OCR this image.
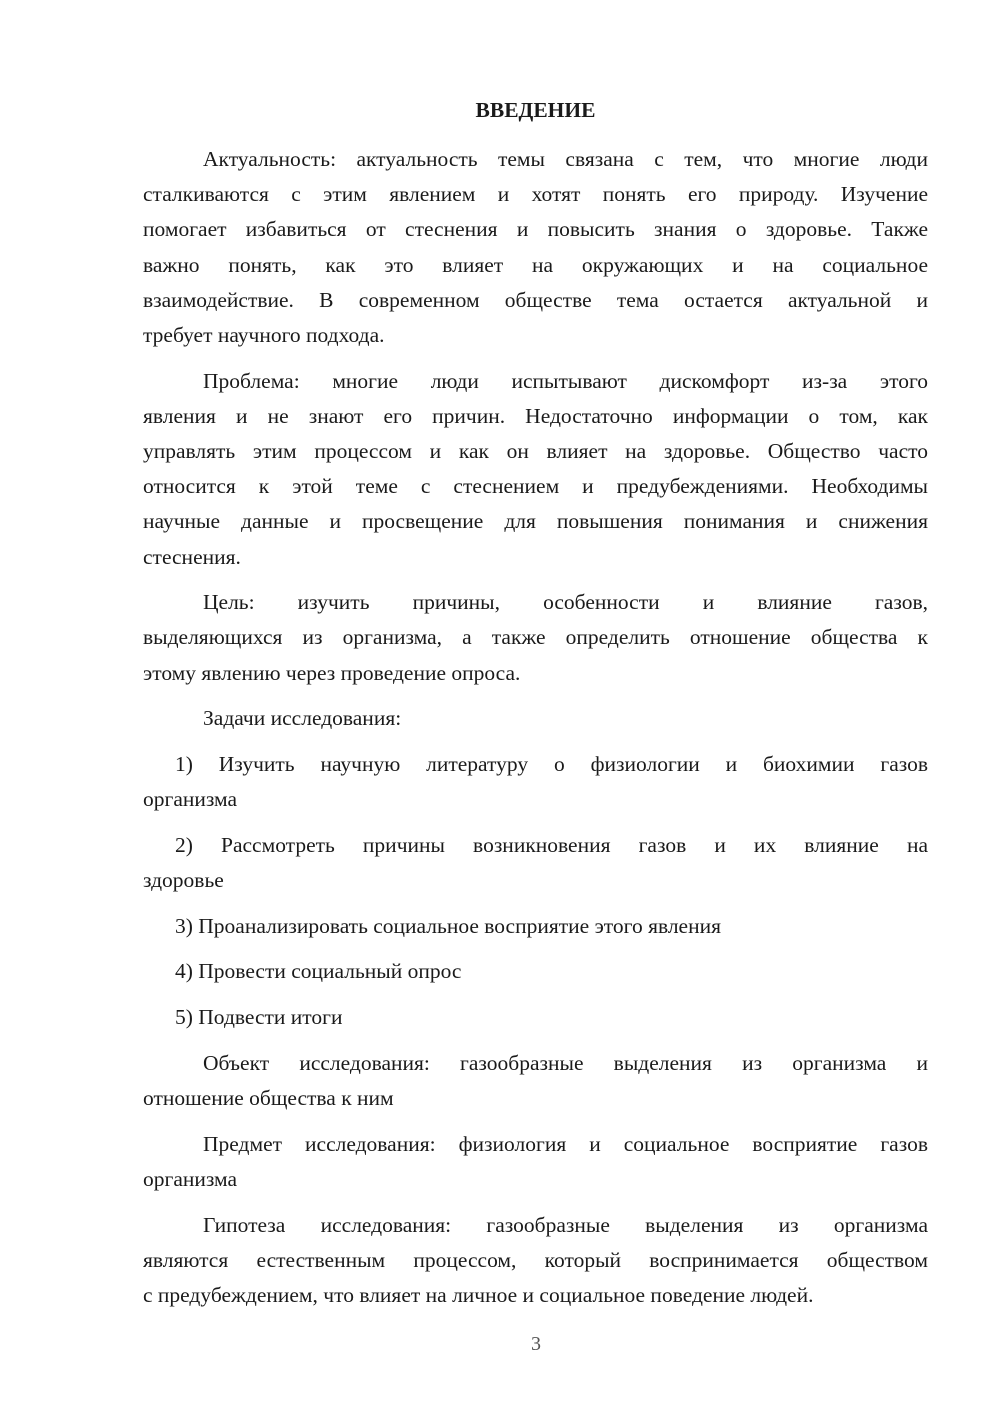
ВВЕДЕНИЕ
Актуальность: актуальность темы связана с тем, что многие люди
сталкиваются с этим явлением и хотят понять его природу. Изучение
помогает избавиться от стеснения и повысить знания о здоровье. Также
важно понять, как это влияет на окружающих и на социальное
взаимодействие. В современном обществе тема остается актуальной и
требует научного подхода.
Проблема: многие люди испытывают дискомфорт из-за этого
явления и не знают его причин. Недостаточно информации о том, как
управлять этим процессом и как он влияет на здоровье. Общество часто
относится к этой теме с стеснением и предубеждениями. Необходимы
научные данные и просвещение для повышения понимания и снижения
стеснения.
Цель: изучить причины, особенности и влияние газов,
выделяющихся из организма, а также определить отношение общества к
этому явлению через проведение опроса.
Задачи исследования:
1) Изучить научную литературу о физиологии и биохимии газов
организма
2) Рассмотреть причины возникновения газов и их влияние на
здоровье
3) Проанализировать социальное восприятие этого явления
4) Провести социальный опрос
5) Подвести итоги
Объект исследования: газообразные выделения из организма и
отношение общества к ним
Предмет исследования: физиология и социальное восприятие газов
организма
Гипотеза исследования: газообразные выделения из организма
являются естественным процессом, который воспринимается обществом
с предубеждением, что влияет на личное и социальное поведение людей.
3
